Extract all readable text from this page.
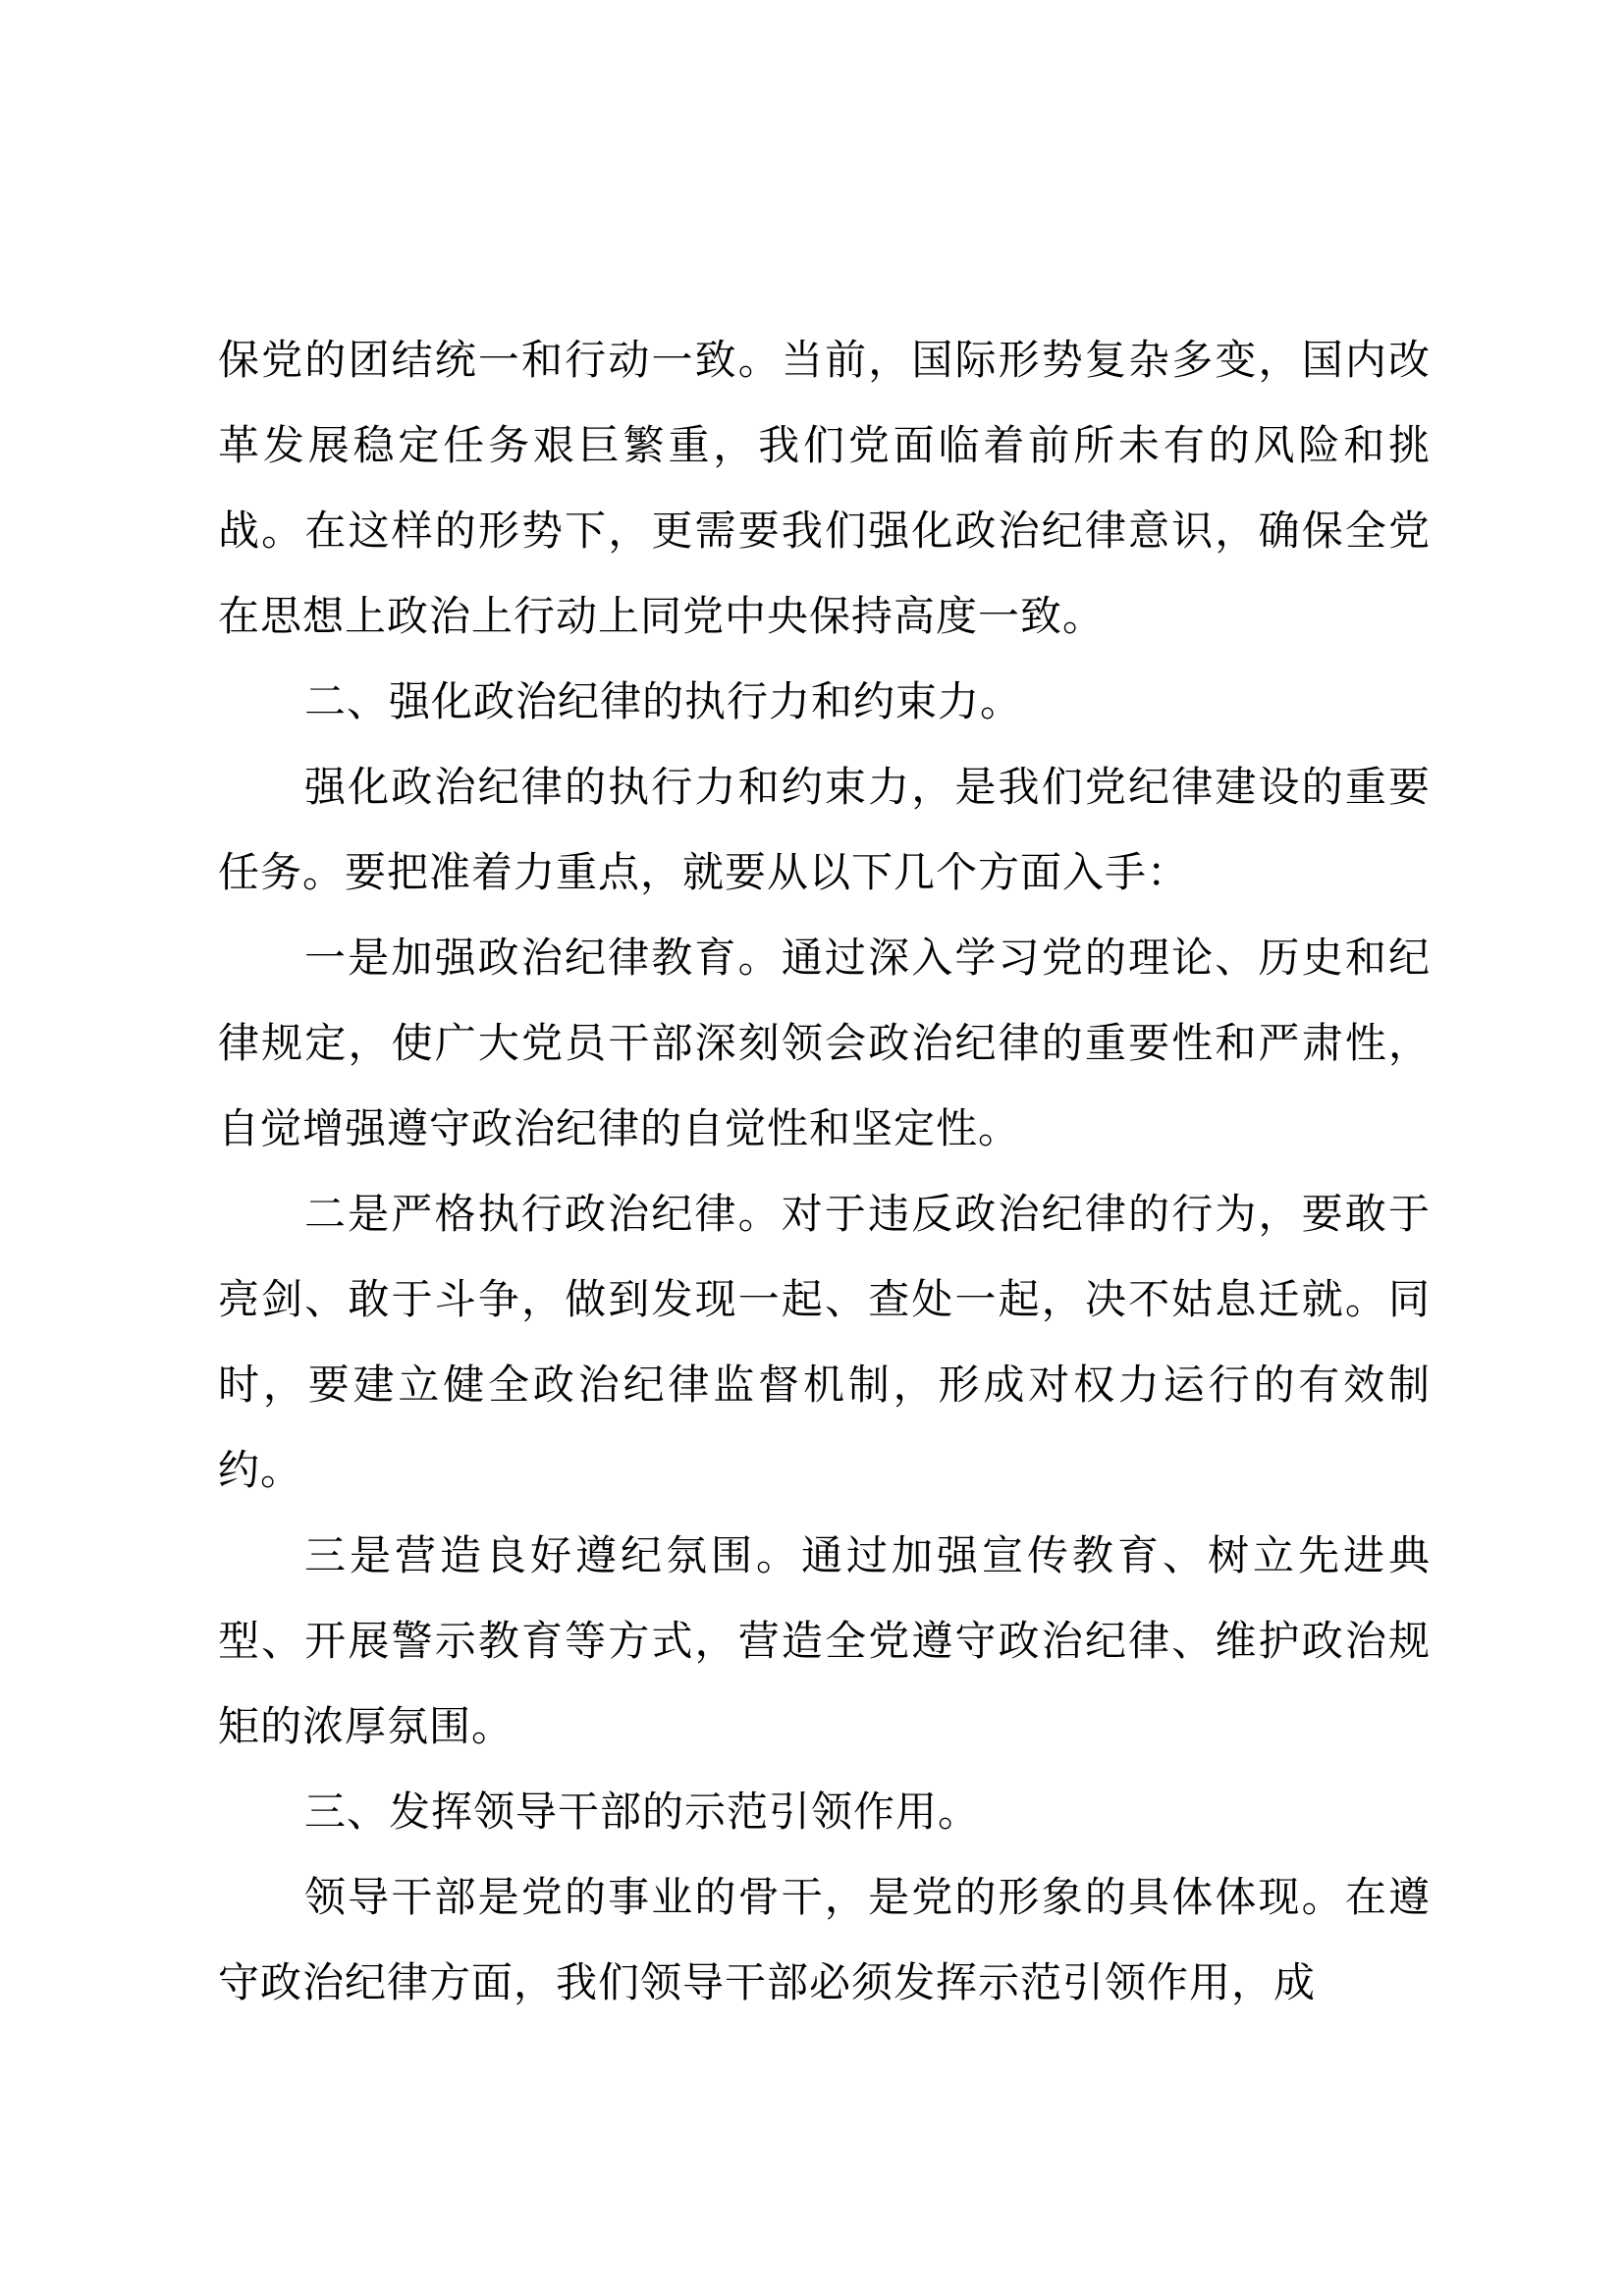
保党的团结统一和行动一致。当前，国际形势复杂多变，国内改革发展稳定任务艰巨繁重，我们党面临着前所未有的风险和挑战。在这样的形势下，更需要我们强化政治纪律意识，确保全党在思想上政治上行动上同党中央保持高度一致。

二、强化政治纪律的执行力和约束力。

强化政治纪律的执行力和约束力，是我们党纪律建设的重要任务。要把准着力重点，就要从以下几个方面入手：

一是加强政治纪律教育。通过深入学习党的理论、历史和纪律规定，使广大党员干部深刻领会政治纪律的重要性和严肃性，自觉增强遵守政治纪律的自觉性和坚定性。

二是严格执行政治纪律。对于违反政治纪律的行为，要敢于亮剑、敢于斗争，做到发现一起、查处一起，决不姑息迁就。同时，要建立健全政治纪律监督机制，形成对权力运行的有效制约。

三是营造良好遵纪氛围。通过加强宣传教育、树立先进典型、开展警示教育等方式，营造全党遵守政治纪律、维护政治规矩的浓厚氛围。

三、发挥领导干部的示范引领作用。

领导干部是党的事业的骨干，是党的形象的具体体现。在遵守政治纪律方面，我们领导干部必须发挥示范引领作用，成
